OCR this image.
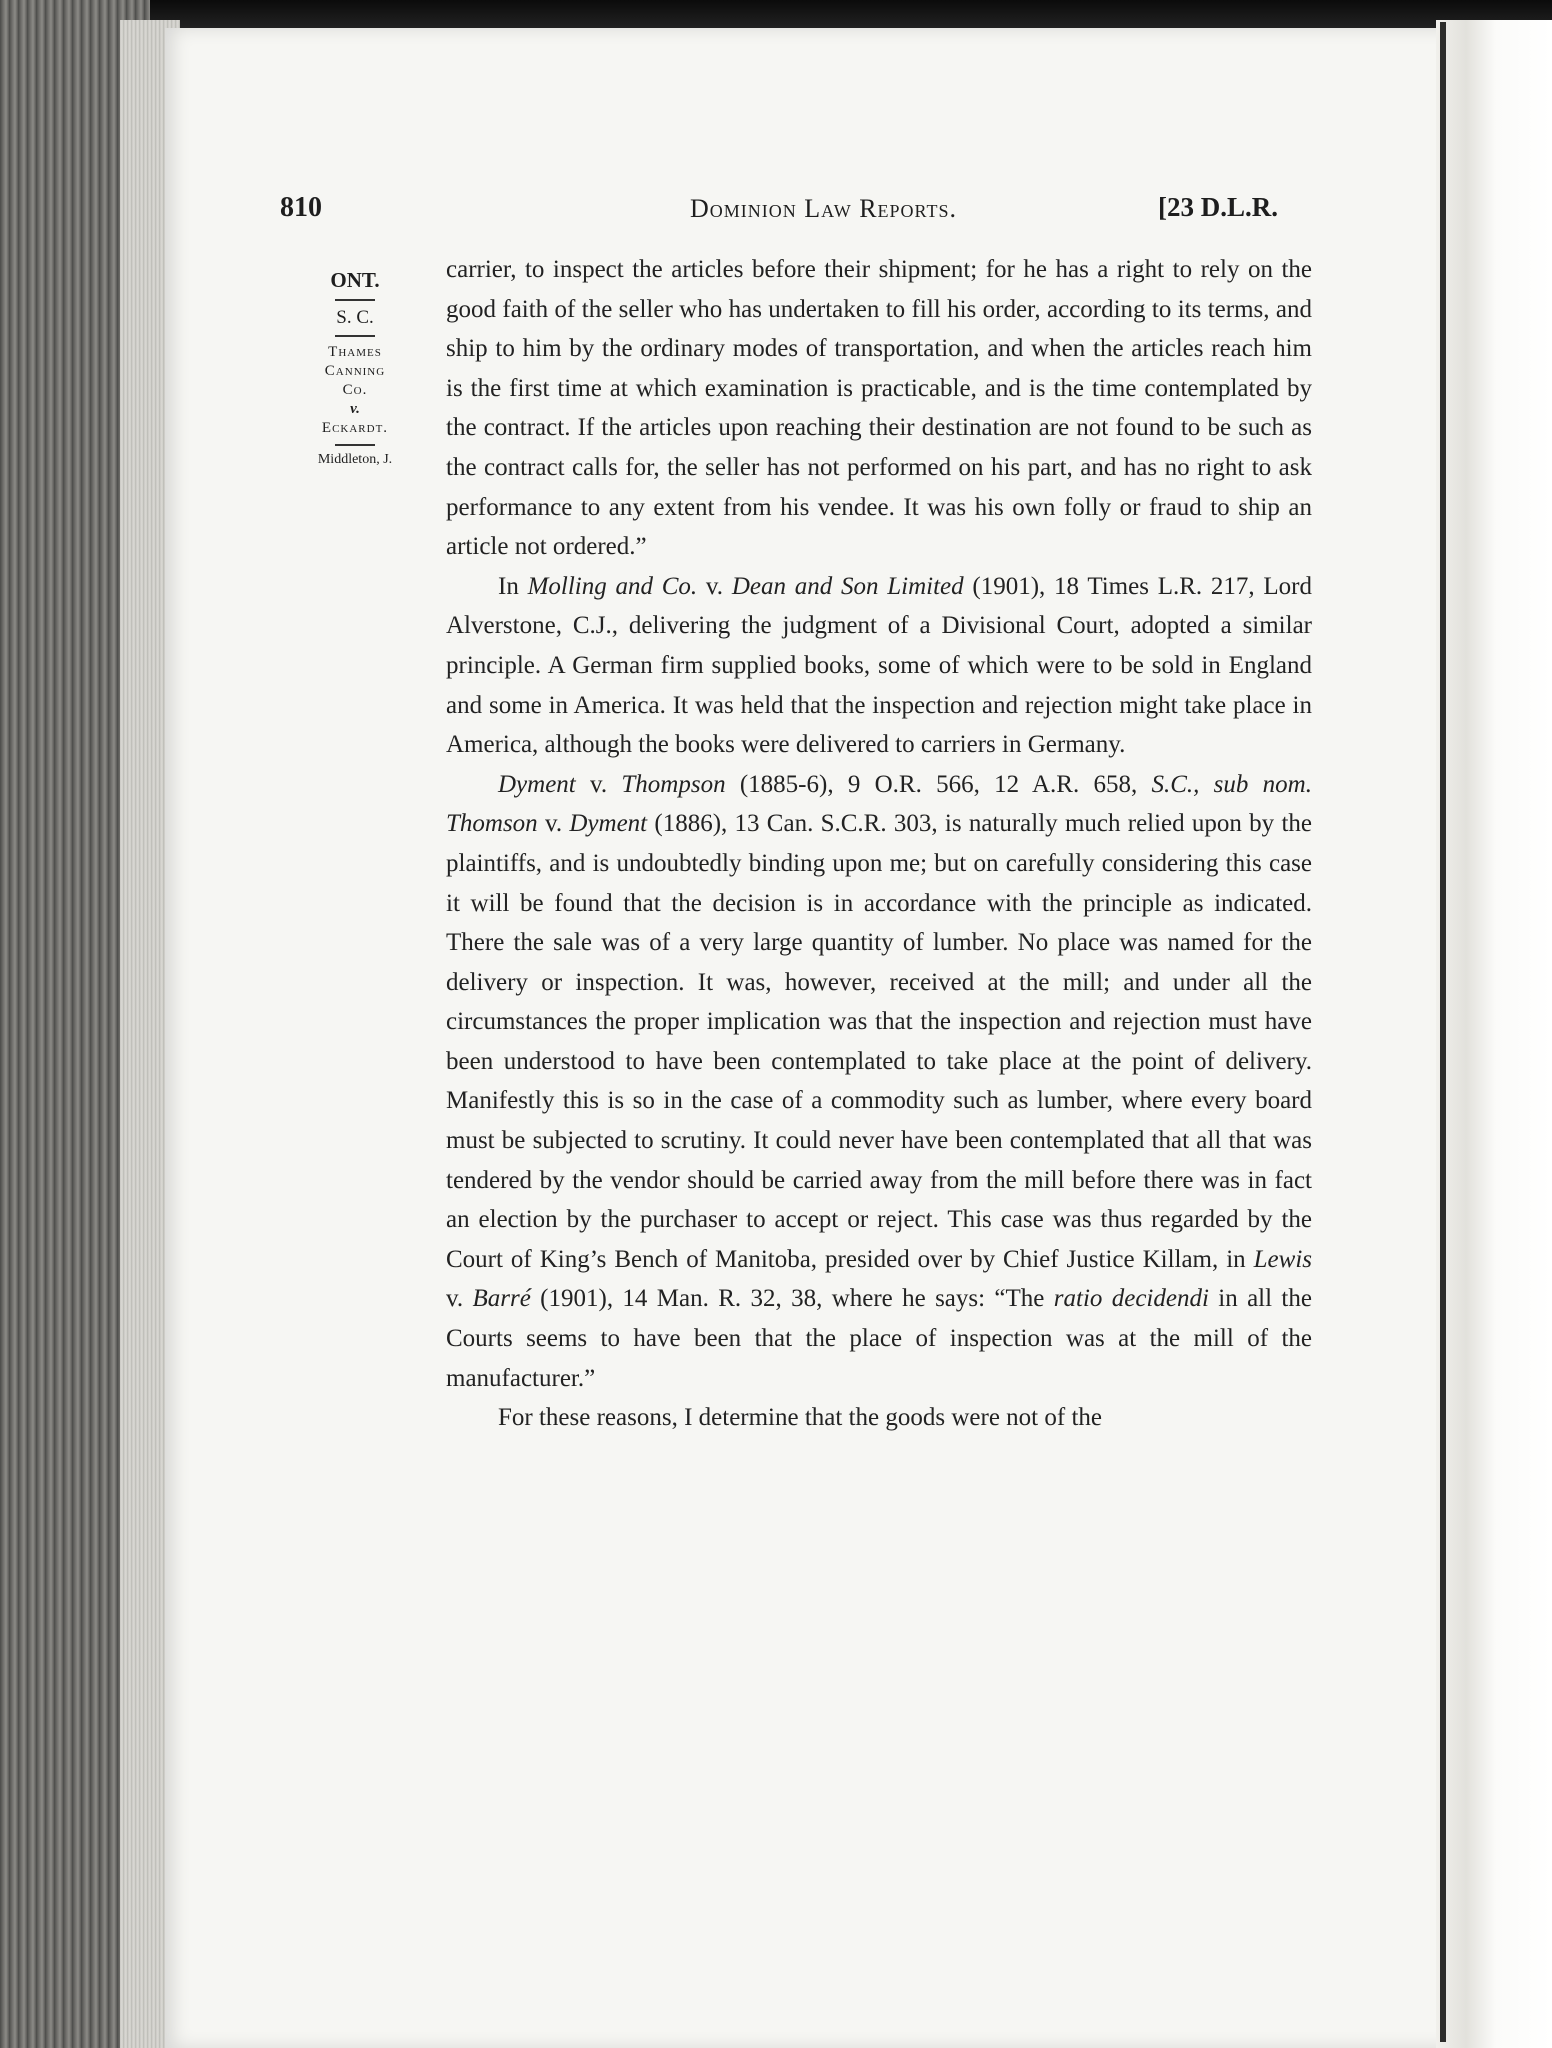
810	Dominion Law Reports.	[23 D.L.R.
ONT.
S. C.
Thames
Canning
Co.
v.
Eckardt.
Middleton, J.

carrier, to inspect the articles before their shipment; for he has a right to rely on the good faith of the seller who has undertaken to fill his order, according to its terms, and ship to him by the ordinary modes of transportation, and when the articles reach him is the first time at which examination is practicable, and is the time contemplated by the contract. If the articles upon reaching their destination are not found to be such as the contract calls for, the seller has not performed on his part, and has no right to ask performance to any extent from his vendee. It was his own folly or fraud to ship an article not ordered.”

In Molling and Co. v. Dean and Son Limited (1901), 18 Times L.R. 217, Lord Alverstone, C.J., delivering the judgment of a Divisional Court, adopted a similar principle. A German firm supplied books, some of which were to be sold in England and some in America. It was held that the inspection and rejection might take place in America, although the books were delivered to carriers in Germany.

Dyment v. Thompson (1885-6), 9 O.R. 566, 12 A.R. 658, S.C., sub nom. Thomson v. Dyment (1886), 13 Can. S.C.R. 303, is naturally much relied upon by the plaintiffs, and is undoubtedly binding upon me; but on carefully considering this case it will be found that the decision is in accordance with the principle as indicated. There the sale was of a very large quantity of lumber. No place was named for the delivery or inspection. It was, however, received at the mill; and under all the circumstances the proper implication was that the inspection and rejection must have been understood to have been contemplated to take place at the point of delivery. Manifestly this is so in the case of a commodity such as lumber, where every board must be subjected to scrutiny. It could never have been contemplated that all that was tendered by the vendor should be carried away from the mill before there was in fact an election by the purchaser to accept or reject. This case was thus regarded by the Court of King’s Bench of Manitoba, presided over by Chief Justice Killam, in Lewis v. Barré (1901), 14 Man. R. 32, 38, where he says: “The ratio decidendi in all the Courts seems to have been that the place of inspection was at the mill of the manufacturer.”

For these reasons, I determine that the goods were not of the
